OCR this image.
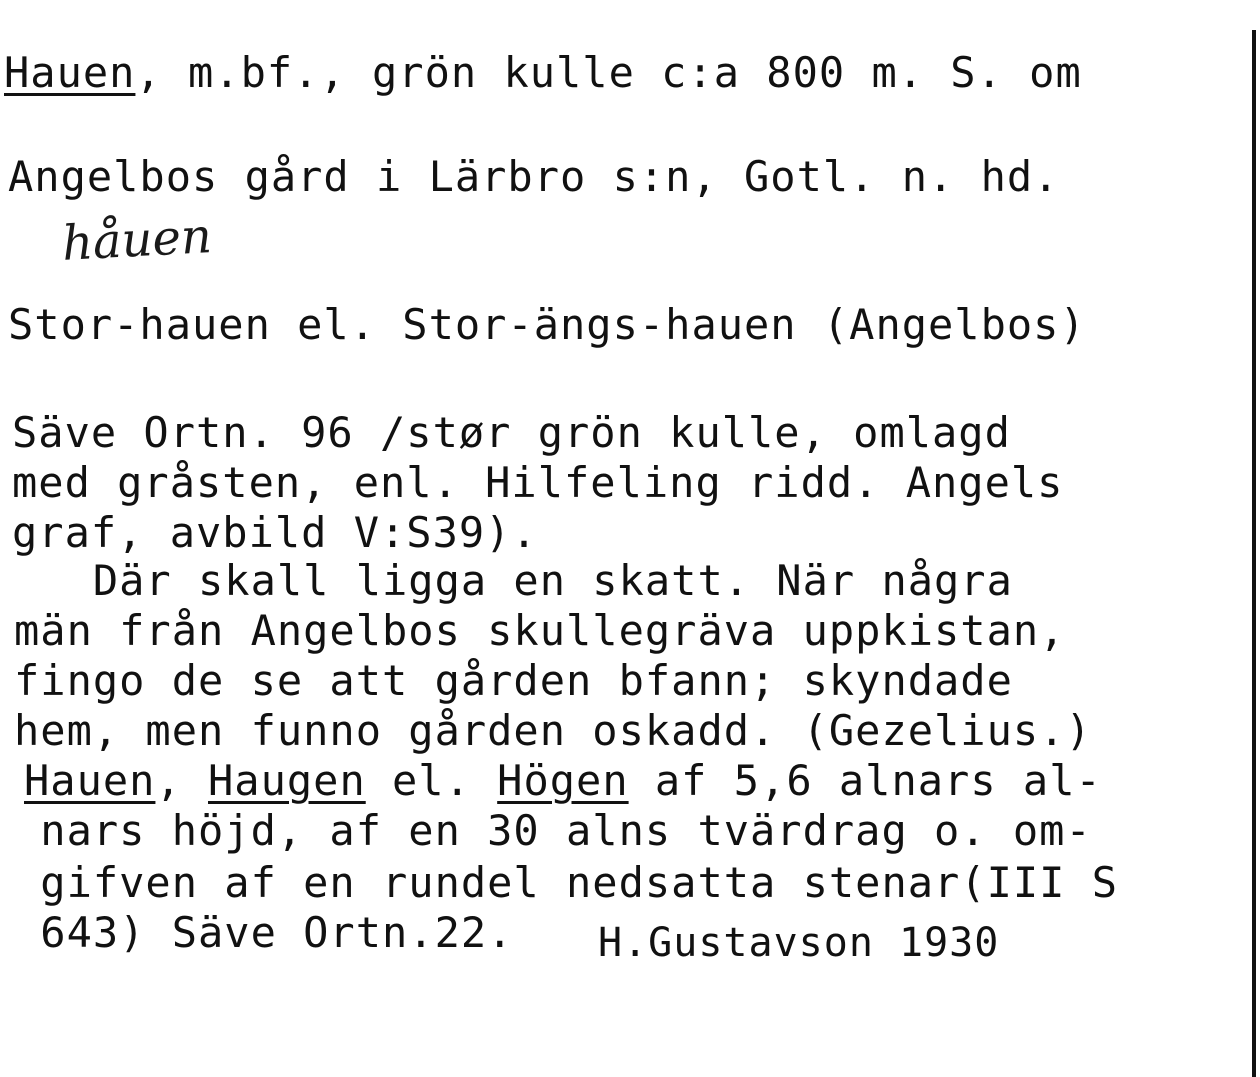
Hauen, m.bf., grön kulle c:a 800 m. S. om
Angelbos gård i Lärbro s:n, Gotl. n. hd.
håuen
Stor-hauen el. Stor-ängs-hauen (Angelbos)
Säve Ortn. 96 /stør grön kulle, omlagd
med gråsten, enl. Hilfeling ridd. Angels
graf, avbild V:S39).
Där skall ligga en skatt. När några
män från Angelbos skullegräva uppkistan,
fingo de se att gården bfann; skyndade
hem, men funno gården oskadd. (Gezelius.)
Hauen, Haugen el. Högen af 5,6 alnars al-
nars höjd, af en 30 alns tvärdrag o. om-
gifven af en rundel nedsatta stenar(III S
643) Säve Ortn.22. H.Gustavson 1930
